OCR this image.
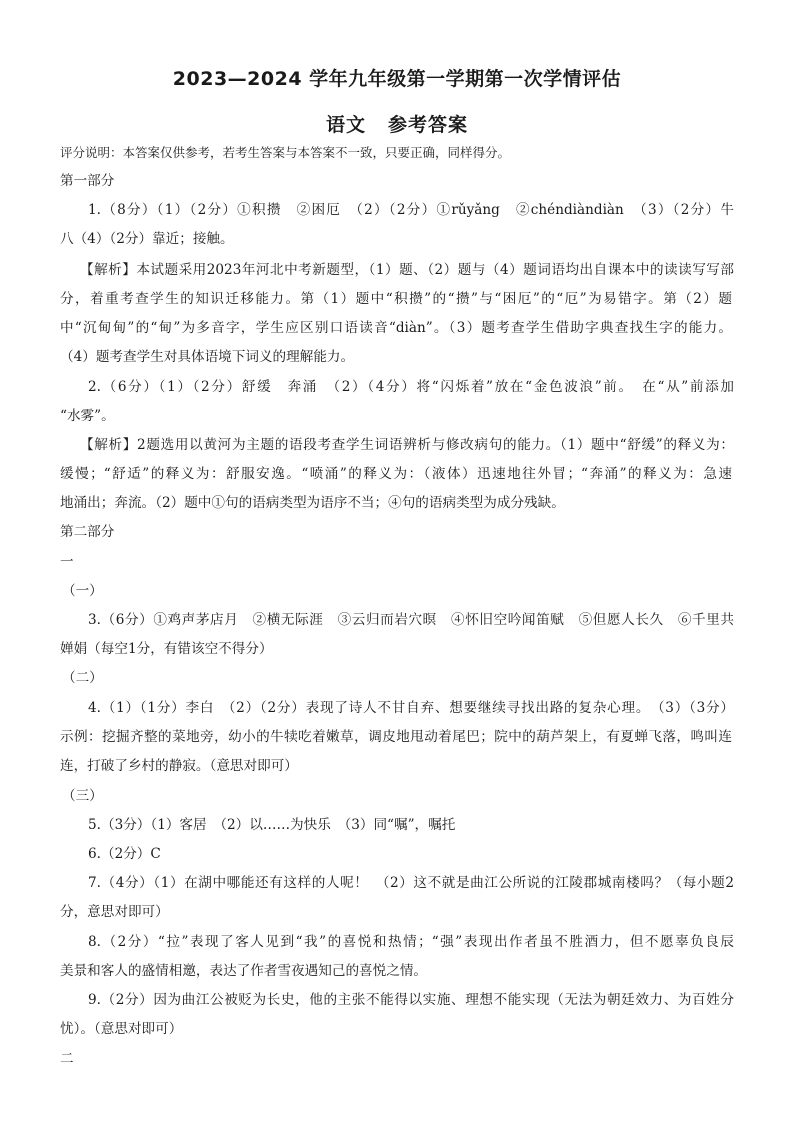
2023—2024 学年九年级第一学期第一次学情评估
语文 参考答案
评分说明：本答案仅供参考，若考生答案与本答案不一致，只要正确，同样得分。
第一部分
1.（8分）（1）（2分）①积攒　②困厄　（2）（2分）①rǔyǎng　②chéndiàndiàn　（3）（2分）牛
八（4）（2分）靠近；接触。
【解析】本试题采用2023年河北中考新题型，（1）题、（2）题与（4）题词语均出自课本中的读读写写部
分，着重考查学生的知识迁移能力。第（1）题中“积攒”的“攒”与“困厄”的“厄”为易错字。第（2）题
中“沉甸甸”的“甸”为多音字，学生应区别口语读音“diàn”。（3）题考查学生借助字典查找生字的能力。
（4）题考查学生对具体语境下词义的理解能力。
2.（6分）（1）（2分）舒缓　奔涌　（2）（4分）将“闪烁着”放在“金色波浪”前。　在“从”前添加
“水雾”。
【解析】2题选用以黄河为主题的语段考查学生词语辨析与修改病句的能力。（1）题中“舒缓”的释义为：
缓慢；“舒适”的释义为：舒服安逸。“喷涌”的释义为：（液体）迅速地往外冒；“奔涌”的释义为：急速
地涌出；奔流。（2）题中①句的语病类型为语序不当；④句的语病类型为成分残缺。
第二部分
一
（一）
3.（6分）①鸡声茅店月　②横无际涯　③云归而岩穴暝　④怀旧空吟闻笛赋　⑤但愿人长久　⑥千里共
婵娟（每空1分，有错该空不得分）
（二）
4.（1）（1分）李白　（2）（2分）表现了诗人不甘自弃、想要继续寻找出路的复杂心理。　（3）（3分）
示例：挖掘齐整的菜地旁，幼小的牛犊吃着嫩草，调皮地甩动着尾巴；院中的葫芦架上，有夏蝉飞落，鸣叫连
连，打破了乡村的静寂。（意思对即可）
（三）
5.（3分）（1）客居　（2）以……为快乐　（3）同“嘱”，嘱托
6.（2分）C
7.（4分）（1）在湖中哪能还有这样的人呢！　（2）这不就是曲江公所说的江陵郡城南楼吗？（每小题2
分，意思对即可）
8.（2分）“拉”表现了客人见到“我”的喜悦和热情；“强”表现出作者虽不胜酒力，但不愿辜负良辰
美景和客人的盛情相邀，表达了作者雪夜遇知己的喜悦之情。
9.（2分）因为曲江公被贬为长史，他的主张不能得以实施、理想不能实现（无法为朝廷效力、为百姓分
忧）。（意思对即可）
二
